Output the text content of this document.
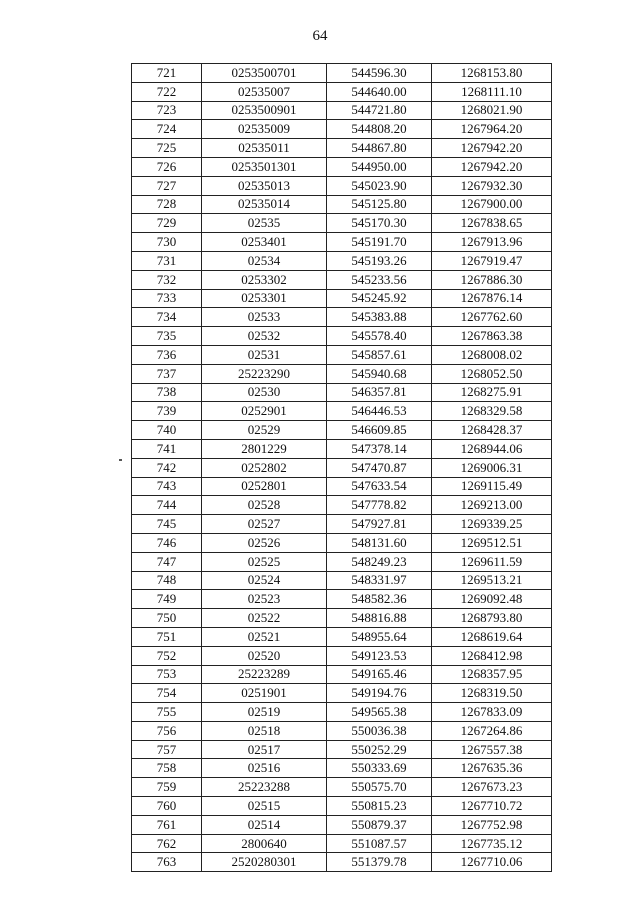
64
721	0253500701	544596.30	1268153.80
722	02535007	544640.00	1268111.10
723	0253500901	544721.80	1268021.90
724	02535009	544808.20	1267964.20
725	02535011	544867.80	1267942.20
726	0253501301	544950.00	1267942.20
727	02535013	545023.90	1267932.30
728	02535014	545125.80	1267900.00
729	02535	545170.30	1267838.65
730	0253401	545191.70	1267913.96
731	02534	545193.26	1267919.47
732	0253302	545233.56	1267886.30
733	0253301	545245.92	1267876.14
734	02533	545383.88	1267762.60
735	02532	545578.40	1267863.38
736	02531	545857.61	1268008.02
737	25223290	545940.68	1268052.50
738	02530	546357.81	1268275.91
739	0252901	546446.53	1268329.58
740	02529	546609.85	1268428.37
741	2801229	547378.14	1268944.06
742	0252802	547470.87	1269006.31
743	0252801	547633.54	1269115.49
744	02528	547778.82	1269213.00
745	02527	547927.81	1269339.25
746	02526	548131.60	1269512.51
747	02525	548249.23	1269611.59
748	02524	548331.97	1269513.21
749	02523	548582.36	1269092.48
750	02522	548816.88	1268793.80
751	02521	548955.64	1268619.64
752	02520	549123.53	1268412.98
753	25223289	549165.46	1268357.95
754	0251901	549194.76	1268319.50
755	02519	549565.38	1267833.09
756	02518	550036.38	1267264.86
757	02517	550252.29	1267557.38
758	02516	550333.69	1267635.36
759	25223288	550575.70	1267673.23
760	02515	550815.23	1267710.72
761	02514	550879.37	1267752.98
762	2800640	551087.57	1267735.12
763	2520280301	551379.78	1267710.06
